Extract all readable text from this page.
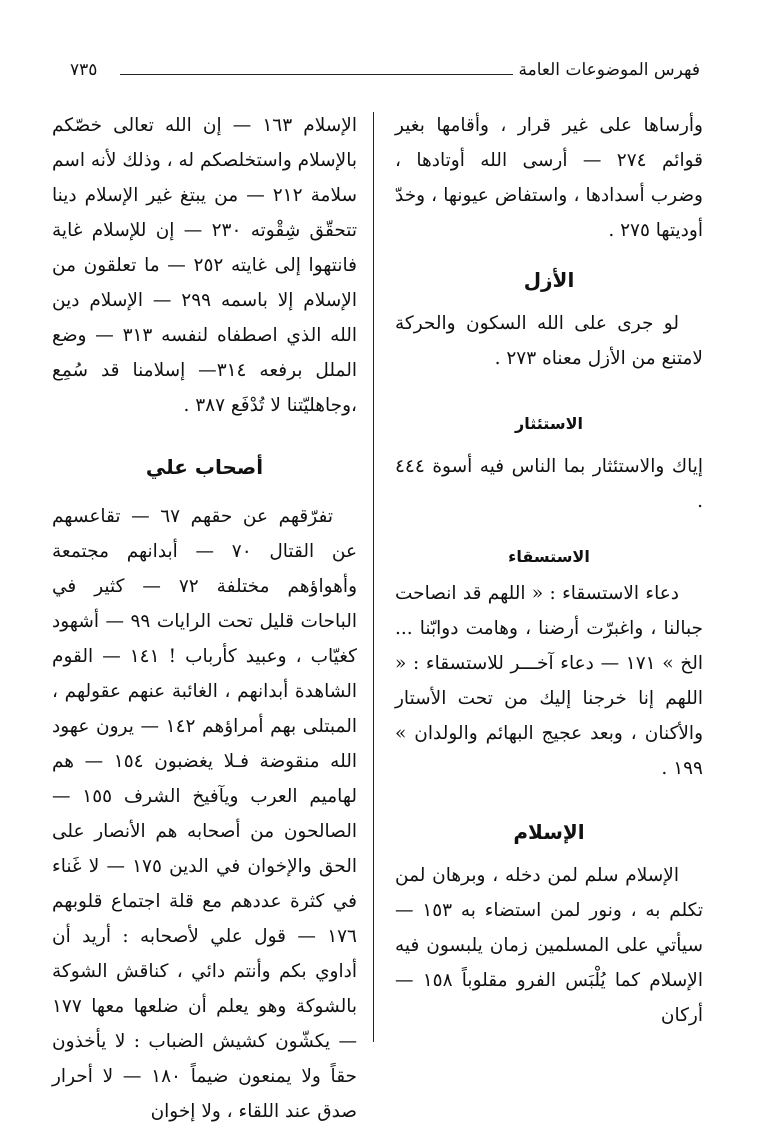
فهرس الموضوعات العامة
٧٣٥

وأرساها على غير قرار ، وأقامها بغير قوائم ٢٧٤ — أرسى الله أوتادها ، وضرب أسدادها ، واستفاض عيونها ، وخدّ أوديتها ٢٧٥ .

الأزل

لو جرى على الله السكون والحركة لامتنع من الأزل معناه ٢٧٣ .

الاستئثار

إياك والاستئثار بما الناس فيه أسوة ٤٤٤ .

الاستسقاء

دعاء الاستسقاء : « اللهم قد انصاحت جبالنا ، واغبرّت أرضنا ، وهامت دوابّنا ... الخ » ١٧١ — دعاء آخـــر للاستسقاء : « اللهم إنا خرجنا إليك من تحت الأستار والأكنان ، وبعد عجيج البهائم والولدان » ١٩٩ .

الإسلام

الإسلام سلم لمن دخله ، وبرهان لمن تكلم به ، ونور لمن استضاء به ١٥٣ — سيأتي على المسلمين زمان يلبسون فيه الإسلام كما يُلْبَس الفرو مقلوباً ١٥٨ — أركان

الإسلام ١٦٣ — إن الله تعالى خصّكم بالإسلام واستخلصكم له ، وذلك لأنه اسم سلامة ٢١٢ — من يبتغ غير الإسلام دينا تتحقّق شِقْوته ٢٣٠ — إن للإسلام غاية فانتهوا إلى غايته ٢٥٢ — ما تعلقون من الإسلام إلا باسمه ٢٩٩ — الإسلام دين الله الذي اصطفاه لنفسه ٣١٣ — وضع الملل برفعه ٣١٤— إسلامنا قد سُمِع ،وجاهليّتنا لا تُدْفَع ٣٨٧ .

أصحاب علي

تفرّقهم عن حقهم ٦٧ — تقاعسهم عن القتال ٧٠ — أبدانهم مجتمعة وأهواؤهم مختلفة ٧٢ — كثير في الباحات قليل تحت الرايات ٩٩ — أشهود كغيّاب ، وعبيد كأرباب ! ١٤١ — القوم الشاهدة أبدانهم ، الغائبة عنهم عقولهم ، المبتلى بهم أمراؤهم ١٤٢ — يرون عهود الله منقوضة فـلا يغضبون ١٥٤ — هم لهاميم العرب ويآفيخ الشرف ١٥٥ — الصالحون من أصحابه هم الأنصار على الحق والإخوان في الدين ١٧٥ — لا غَناء في كثرة عددهم مع قلة اجتماع قلوبهم ١٧٦ — قول علي لأصحابه : أريد أن أداوي بكم وأنتم دائي ، كناقش الشوكة بالشوكة وهو يعلم أن ضلعها معها ١٧٧ — يكشّون كشيش الضباب : لا يأخذون حقاً ولا يمنعون ضيماً ١٨٠ — لا أحرار صدق عند اللقاء ، ولا إخوان
